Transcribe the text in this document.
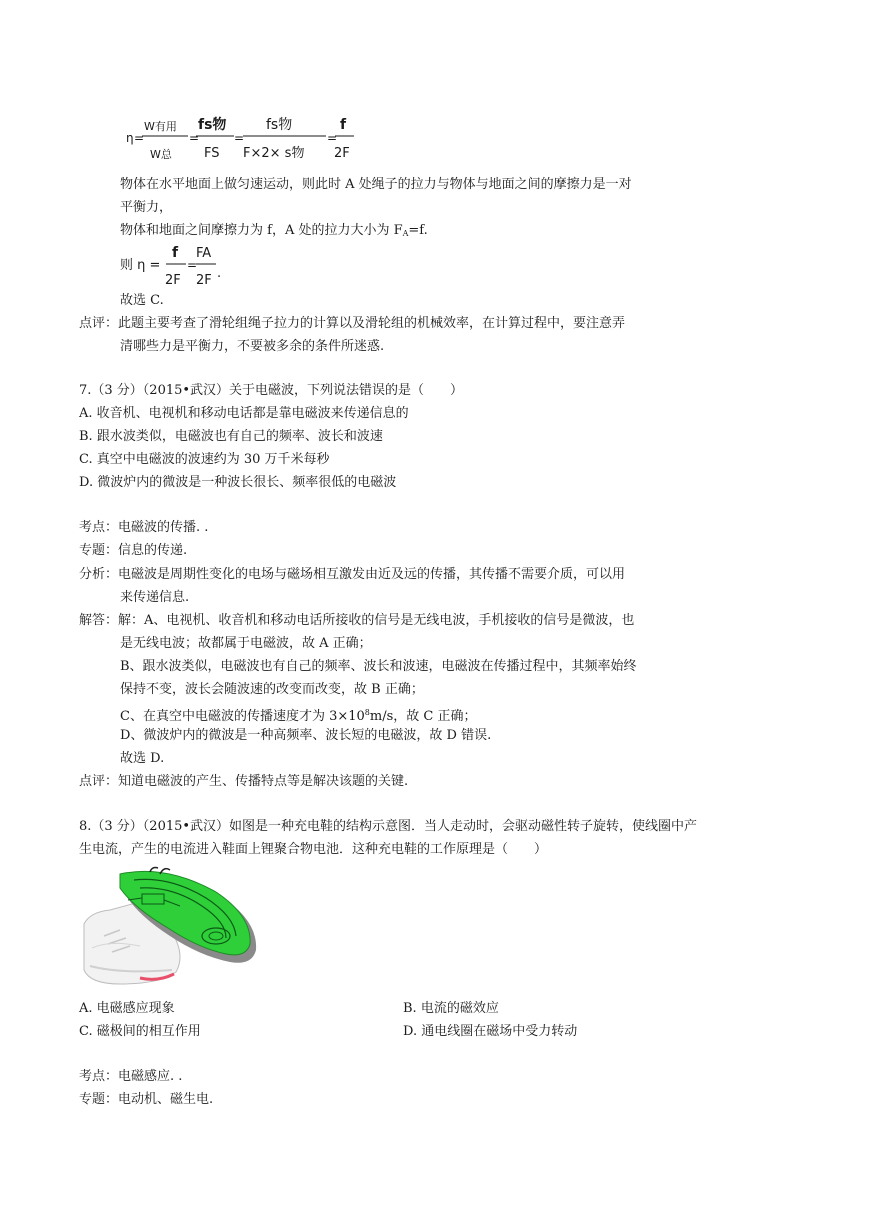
η =
W有用
W总
=
fs物
FS
=
fs物
F×2× s物
=
f
2F
物体在水平地面上做匀速运动，则此时 A 处绳子的拉力与物体与地面之间的摩擦力是一对
平衡力，
物体和地面之间摩擦力为 f，A 处的拉力大小为 $F_A=f$.
则 η =
f
2F
=
FA
2F .
故选 C.
点评：此题主要考查了滑轮组绳子拉力的计算以及滑轮组的机械效率，在计算过程中，要注意弄
清哪些力是平衡力，不要被多余的条件所迷惑.
7.（3 分）（2015•武汉）关于电磁波，下列说法错误的是（　　）
A. 收音机、电视机和移动电话都是靠电磁波来传递信息的
B. 跟水波类似，电磁波也有自己的频率、波长和波速
C. 真空中电磁波的波速约为 30 万千米每秒
D. 微波炉内的微波是一种波长很长、频率很低的电磁波
考点：电磁波的传播. .
专题：信息的传递.
分析：电磁波是周期性变化的电场与磁场相互激发由近及远的传播，其传播不需要介质，可以用
来传递信息.
解答：解：A、电视机、收音机和移动电话所接收的信号是无线电波，手机接收的信号是微波，也
是无线电波；故都属于电磁波，故 A 正确；
B、跟水波类似，电磁波也有自己的频率、波长和波速，电磁波在传播过程中，其频率始终
保持不变，波长会随波速的改变而改变，故 B 正确；
C、在真空中电磁波的传播速度才为 $3\times 10^8m/s$，故 C 正确；
D、微波炉内的微波是一种高频率、波长短的电磁波，故 D 错误.
故选 D.
点评：知道电磁波的产生、传播特点等是解决该题的关键.
8.（3 分）（2015•武汉）如图是一种充电鞋的结构示意图．当人走动时，会驱动磁性转子旋转，使线圈中产
生电流，产生的电流进入鞋面上锂聚合物电池．这种充电鞋的工作原理是（　　）
A. 电磁感应现象	B. 电流的磁效应
C. 磁极间的相互作用	D. 通电线圈在磁场中受力转动
考点：电磁感应. .
专题：电动机、磁生电.
